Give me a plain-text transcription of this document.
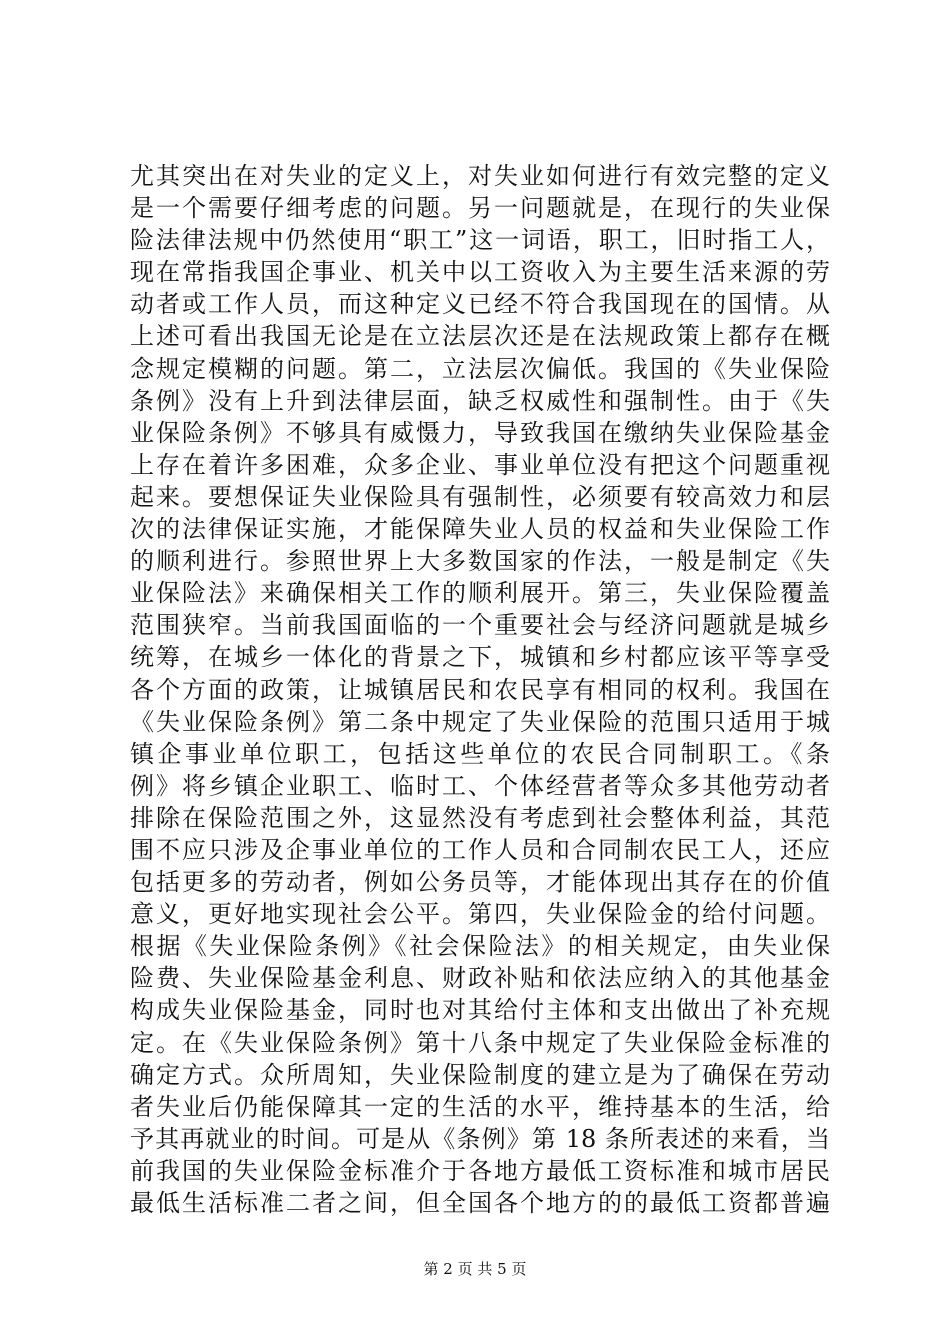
尤其突出在对失业的定义上，对失业如何进行有效完整的定义
是一个需要仔细考虑的问题。另一问题就是，在现行的失业保
险法律法规中仍然使用“职工”这一词语，职工，旧时指工人，
现在常指我国企事业、机关中以工资收入为主要生活来源的劳
动者或工作人员，而这种定义已经不符合我国现在的国情。从
上述可看出我国无论是在立法层次还是在法规政策上都存在概
念规定模糊的问题。第二，立法层次偏低。我国的《失业保险
条例》没有上升到法律层面，缺乏权威性和强制性。由于《失
业保险条例》不够具有威慑力，导致我国在缴纳失业保险基金
上存在着许多困难，众多企业、事业单位没有把这个问题重视
起来。要想保证失业保险具有强制性，必须要有较高效力和层
次的法律保证实施，才能保障失业人员的权益和失业保险工作
的顺利进行。参照世界上大多数国家的作法，一般是制定《失
业保险法》来确保相关工作的顺利展开。第三，失业保险覆盖
范围狭窄。当前我国面临的一个重要社会与经济问题就是城乡
统筹，在城乡一体化的背景之下，城镇和乡村都应该平等享受
各个方面的政策，让城镇居民和农民享有相同的权利。我国在
《失业保险条例》第二条中规定了失业保险的范围只适用于城
镇企事业单位职工，包括这些单位的农民合同制职工。《条
例》将乡镇企业职工、临时工、个体经营者等众多其他劳动者
排除在保险范围之外，这显然没有考虑到社会整体利益，其范
围不应只涉及企事业单位的工作人员和合同制农民工人，还应
包括更多的劳动者，例如公务员等，才能体现出其存在的价值
意义，更好地实现社会公平。第四，失业保险金的给付问题。
根据《失业保险条例》《社会保险法》的相关规定，由失业保
险费、失业保险基金利息、财政补贴和依法应纳入的其他基金
构成失业保险基金，同时也对其给付主体和支出做出了补充规
定。在《失业保险条例》第十八条中规定了失业保险金标准的
确定方式。众所周知，失业保险制度的建立是为了确保在劳动
者失业后仍能保障其一定的生活的水平，维持基本的生活，给
予其再就业的时间。可是从《条例》第 18 条所表述的来看，当
前我国的失业保险金标准介于各地方最低工资标准和城市居民
最低生活标准二者之间，但全国各个地方的的最低工资都普遍
第 2 页 共 5 页
